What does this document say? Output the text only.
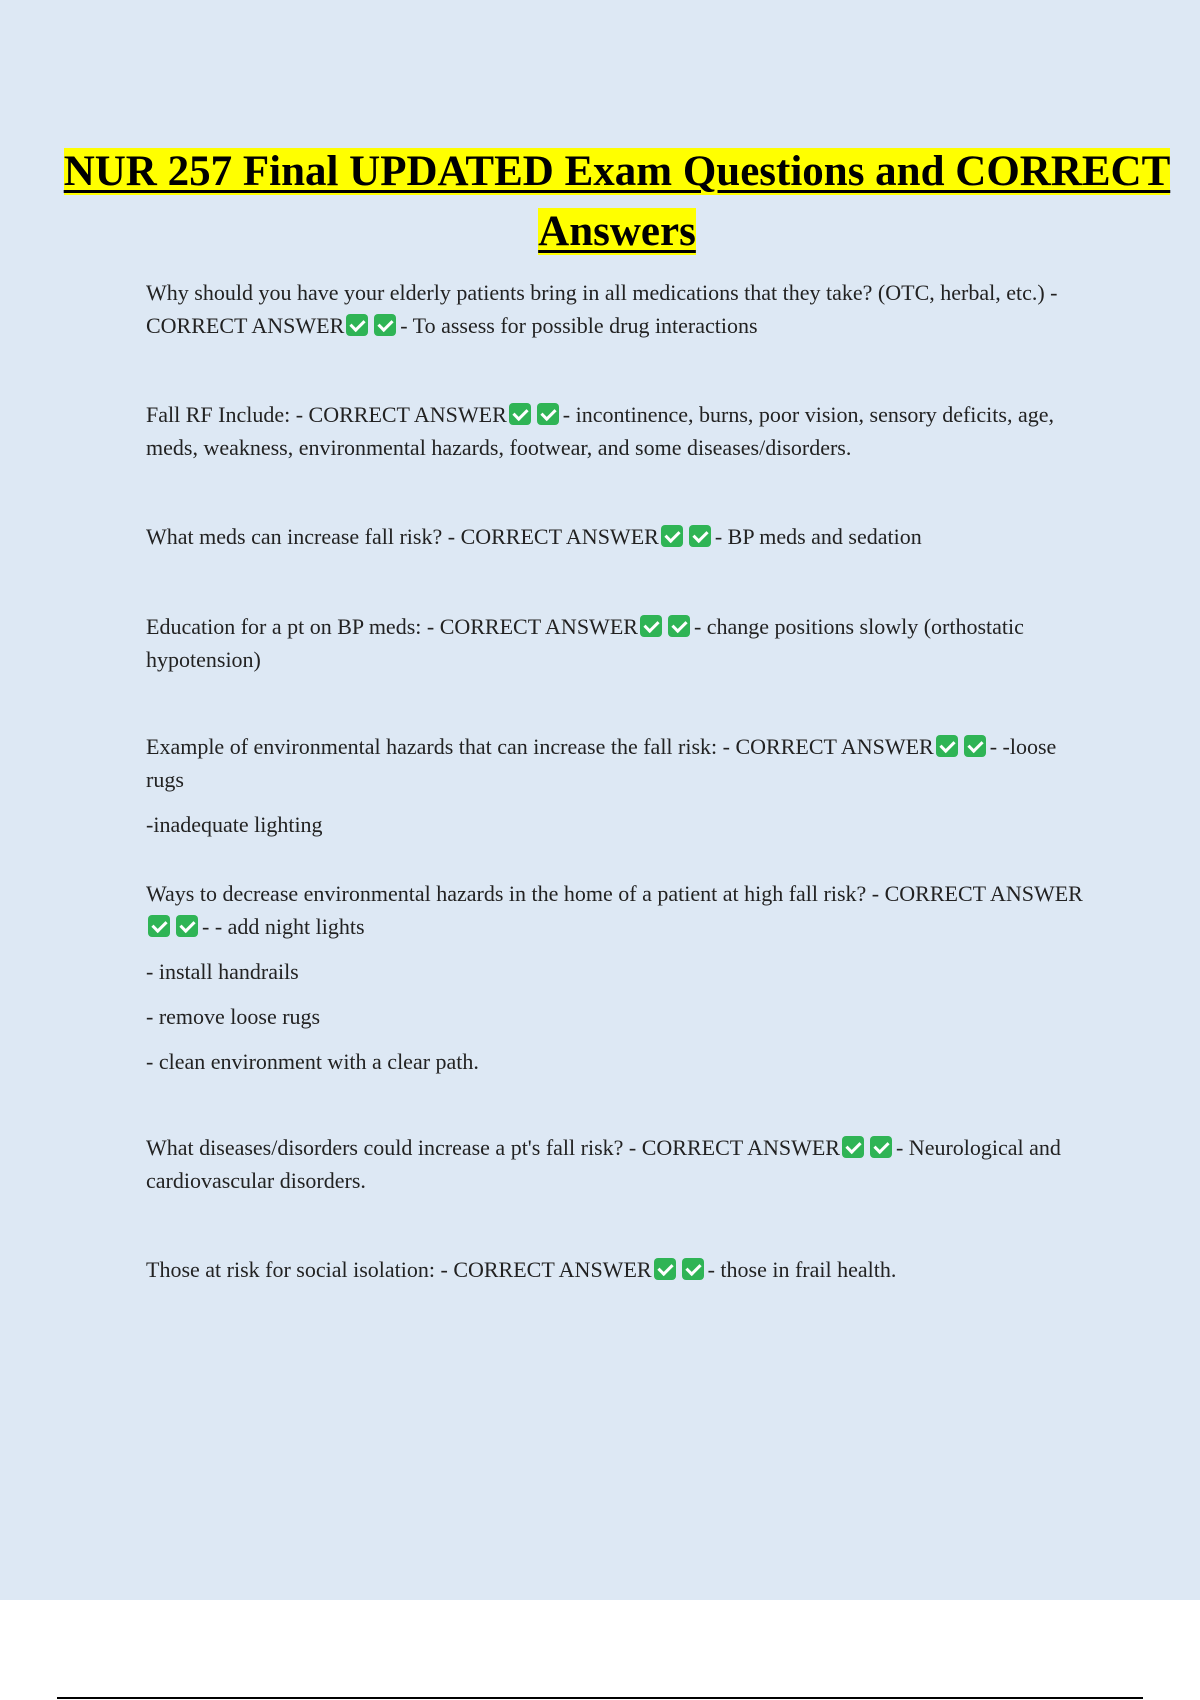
NUR 257 Final UPDATED Exam Questions and CORRECT Answers

Why should you have your elderly patients bring in all medications that they take? (OTC, herbal, etc.) - CORRECT ANSWER	- To assess for possible drug interactions

Fall RF Include: - CORRECT ANSWER	- incontinence, burns, poor vision, sensory deficits, age, meds, weakness, environmental hazards, footwear, and some diseases/disorders.

What meds can increase fall risk? - CORRECT ANSWER	- BP meds and sedation

Education for a pt on BP meds: - CORRECT ANSWER	- change positions slowly (orthostatic hypotension)

Example of environmental hazards that can increase the fall risk: - CORRECT ANSWER	- -loose rugs
-inadequate lighting
Ways to decrease environmental hazards in the home of a patient at high fall risk? - CORRECT ANSWER- - add night lights
- install handrails
- remove loose rugs
- clean environment with a clear path.

What diseases/disorders could increase a pt's fall risk? - CORRECT ANSWER	- Neurological and cardiovascular disorders.

Those at risk for social isolation: - CORRECT ANSWER	- those in frail health.
